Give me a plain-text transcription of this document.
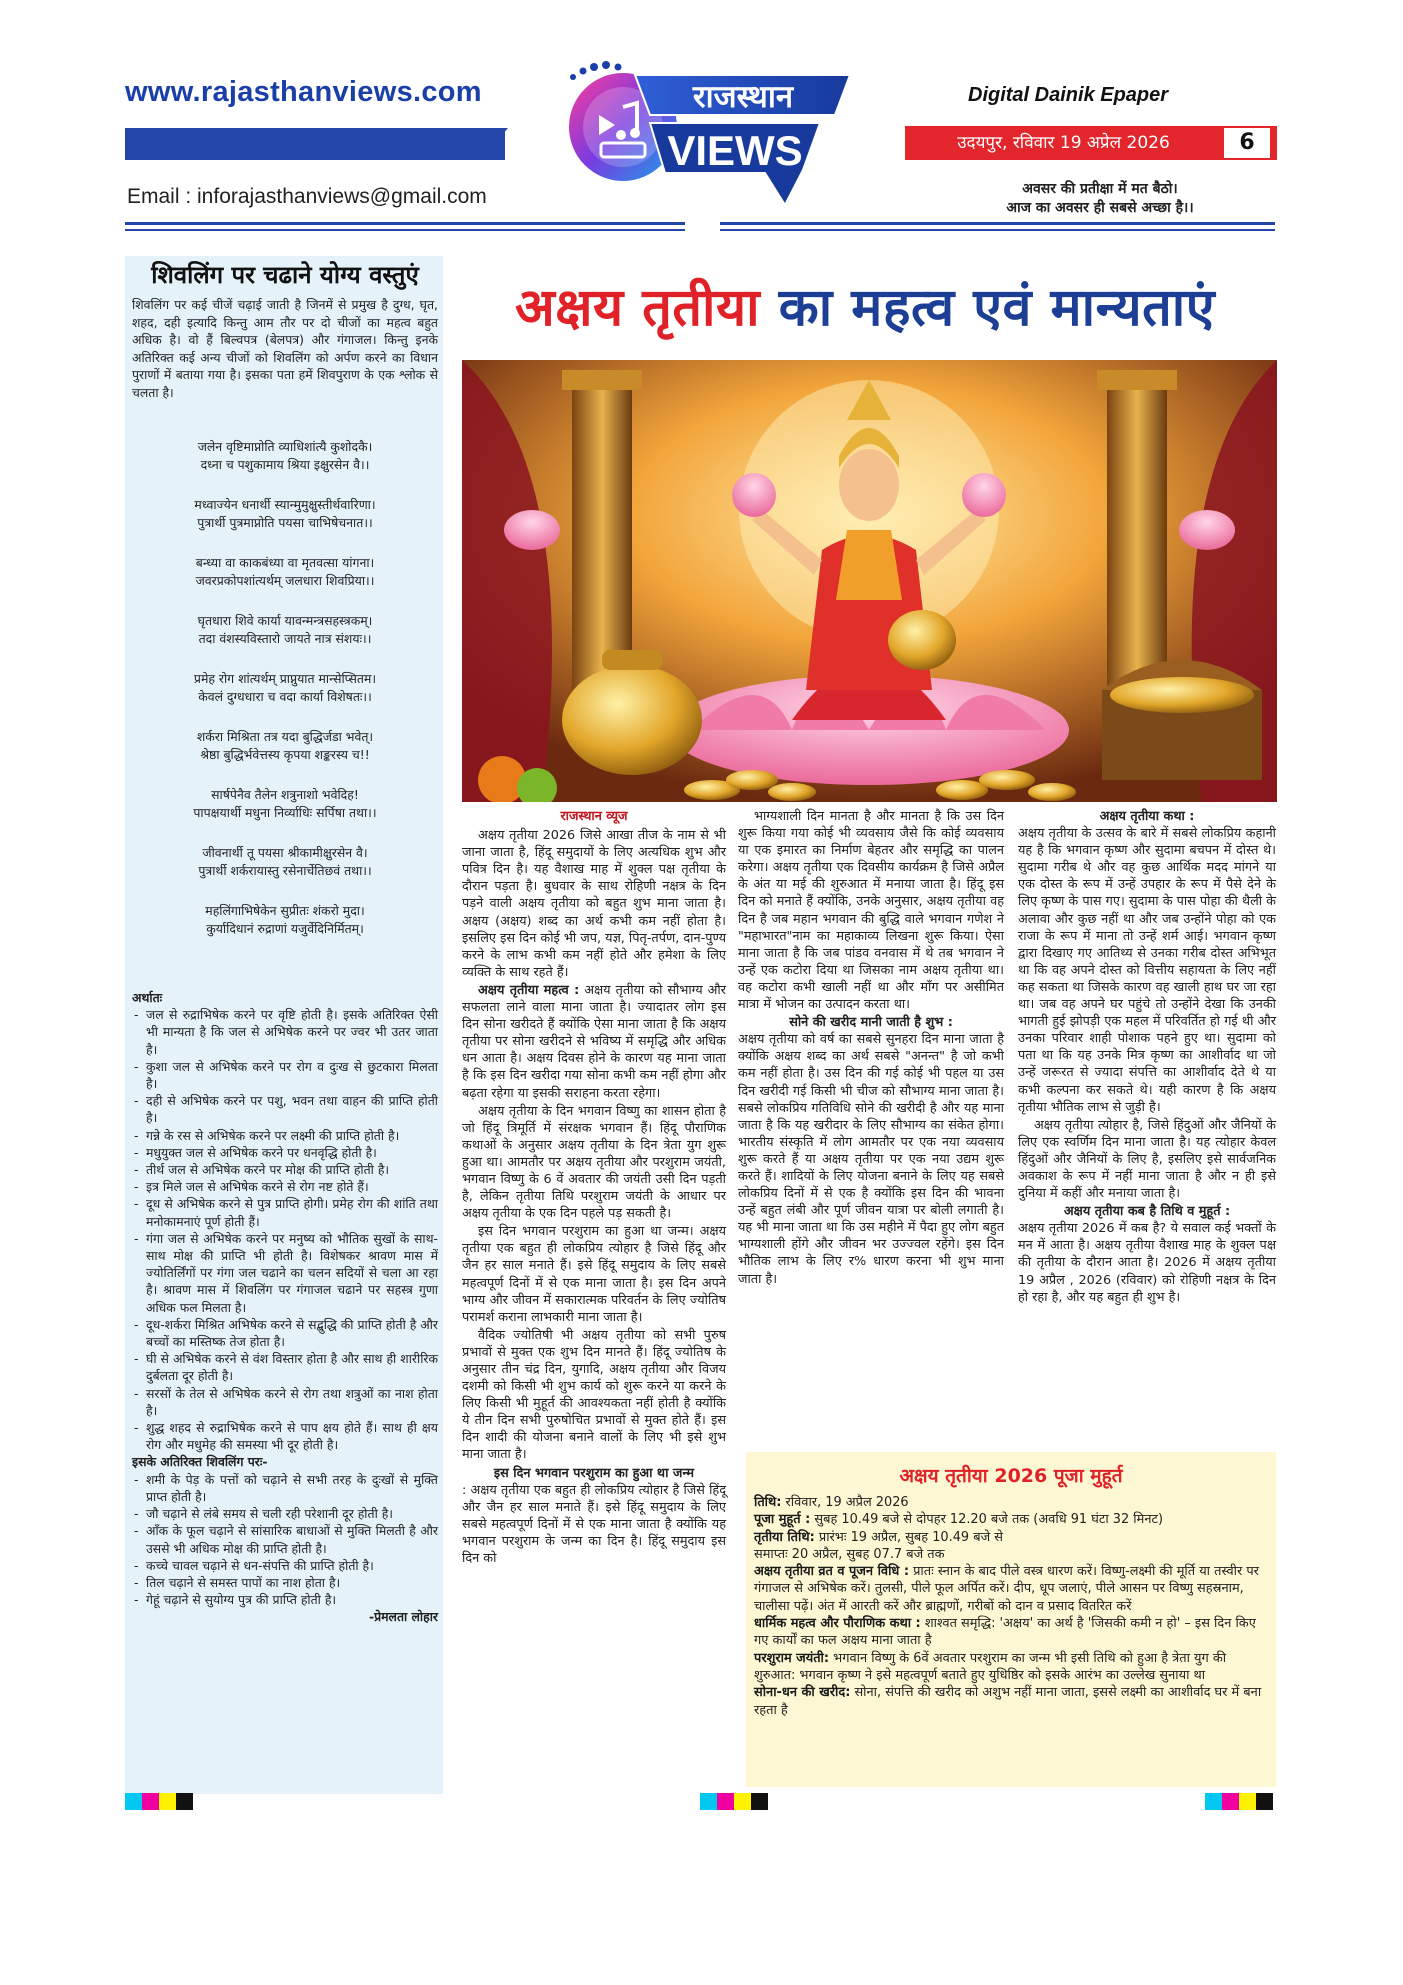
www.rajasthanviews.com
Email : inforajasthanviews@gmail.com
राजस्थान
VIEWS
Digital Dainik Epaper
उदयपुर, रविवार 19 अप्रेल 2026	6
अवसर की प्रतीक्षा में मत बैठो।
आज का अवसर ही सबसे अच्छा है।।
शिवलिंग पर चढाने योग्य वस्तुएं
शिवलिंग पर कई चीजें चढ़ाई जाती है जिनमें से प्रमुख है दुग्ध, घृत, शहद, दही इत्यादि किन्तु आम तौर पर दो चीजों का महत्व बहुत अधिक है। वो हैं बिल्वपत्र (बेलपत्र) और गंगाजल। किन्तु इनके अतिरिक्त कई अन्य चीजों को शिवलिंग को अर्पण करने का विधान पुराणों में बताया गया है। इसका पता हमें शिवपुराण के एक श्लोक से चलता है।
जलेन वृष्टिमाप्नोति व्याधिशांत्यै कुशोदकै।
दध्ना च पशुकामाय श्रिया इक्षुरसेन वै।।
मध्वाज्येन धनार्थी स्यान्मुमुक्षुस्तीर्थवारिणा।
पुत्रार्थी पुत्रमाप्नोति पयसा चाभिषेचनात।।
बन्ध्या वा काकबंध्या वा मृतवत्सा यांगना।
जवरप्रकोपशांत्यर्थम् जलधारा शिवप्रिया।।
घृतधारा शिवे कार्या यावन्मन्त्रसहस्त्रकम्।
तदा वंशस्यविस्तारो जायते नात्र संशयः।।
प्रमेह रोग शांत्यर्थम् प्राप्नुयात मान्सेप्सितम।
केवलं दुग्धधारा च वदा कार्या विशेषतः।।
शर्करा मिश्रिता तत्र यदा बुद्धिर्जडा भवेत्।
श्रेष्ठा बुद्धिर्भवेत्तस्य कृपया शङ्करस्य च!!
सार्षपेनैव तैलेन शत्रुनाशो भवेदिह!
पापक्षयार्थी मधुना निर्व्याधिः सर्पिषा तथा।।
जीवनार्थी तू पयसा श्रीकामीक्षुरसेन वै।
पुत्रार्थी शर्करायास्तु रसेनार्चेतिछवं तथा।।
महलिंगाभिषेकेन सुप्रीतः शंकरो मुदा।
कुर्यादिधानं रुद्राणां यजुर्वेदिनिर्मितम्।
अर्थातः
- जल से रुद्राभिषेक करने पर वृष्टि होती है। इसके अतिरिक्त ऐसी भी मान्यता है कि जल से अभिषेक करने पर ज्वर भी उतर जाता है।
- कुशा जल से अभिषेक करने पर रोग व दुःख से छुटकारा मिलता है।
- दही से अभिषेक करने पर पशु, भवन तथा वाहन की प्राप्ति होती है।
- गन्ने के रस से अभिषेक करने पर लक्ष्मी की प्राप्ति होती है।
- मधुयुक्त जल से अभिषेक करने पर धनवृद्धि होती है।
- तीर्थ जल से अभिषेक करने पर मोक्ष की प्राप्ति होती है।
- इत्र मिले जल से अभिषेक करने से रोग नष्ट होते हैं।
- दूध से अभिषेक करने से पुत्र प्राप्ति होगी। प्रमेह रोग की शांति तथा मनोकामनाएं पूर्ण होती हैं।
- गंगा जल से अभिषेक करने पर मनुष्य को भौतिक सुखों के साथ-साथ मोक्ष की प्राप्ति भी होती है। विशेषकर श्रावण मास में ज्योतिर्लिंगों पर गंगा जल चढाने का चलन सदियों से चला आ रहा है। श्रावण मास में शिवलिंग पर गंगाजल चढाने पर सहस्त्र गुणा अधिक फल मिलता है।
- दूध-शर्करा मिश्रित अभिषेक करने से सद्बुद्धि की प्राप्ति होती है और बच्चों का मस्तिष्क तेज होता है।
- घी से अभिषेक करने से वंश विस्तार होता है और साथ ही शारीरिक दुर्बलता दूर होती है।
- सरसों के तेल से अभिषेक करने से रोग तथा शत्रुओं का नाश होता है।
- शुद्ध शहद से रुद्राभिषेक करने से पाप क्षय होते हैं। साथ ही क्षय रोग और मधुमेह की समस्या भी दूर होती है।
इसके अतिरिक्त शिवलिंग परः-
- शमी के पेड़ के पत्तों को चढ़ाने से सभी तरह के दुःखों से मुक्ति प्राप्त होती है।
- जौ चढ़ाने से लंबे समय से चली रही परेशानी दूर होती है।
- आँक के फूल चढ़ाने से सांसारिक बाधाओं से मुक्ति मिलती है और उससे भी अधिक मोक्ष की प्राप्ति होती है।
- कच्चे चावल चढ़ाने से धन-संपत्ति की प्राप्ति होती है।
- तिल चढ़ाने से समस्त पापों का नाश होता है।
- गेहूं चढ़ाने से सुयोग्य पुत्र की प्राप्ति होती है।
-प्रेमलता लोहार
अक्षय तृतीया का महत्व एवं मान्यताएं
राजस्थान व्यूज

अक्षय तृतीया 2026 जिसे आखा तीज के नाम से भी जाना जाता है, हिंदू समुदायों के लिए अत्यधिक शुभ और पवित्र दिन है। यह वैशाख माह में शुक्ल पक्ष तृतीया के दौरान पड़ता है। बुधवार के साथ रोहिणी नक्षत्र के दिन पड़ने वाली अक्षय तृतीया को बहुत शुभ माना जाता है। अक्षय (अक्षय) शब्द का अर्थ कभी कम नहीं होता है। इसलिए इस दिन कोई भी जप, यज्ञ, पितृ-तर्पण, दान-पुण्य करने के लाभ कभी कम नहीं होते और हमेशा के लिए व्यक्ति के साथ रहते हैं।

अक्षय तृतीया महत्व : अक्षय तृतीया को सौभाग्य और सफलता लाने वाला माना जाता है। ज्यादातर लोग इस दिन सोना खरीदते हैं क्योंकि ऐसा माना जाता है कि अक्षय तृतीया पर सोना खरीदने से भविष्य में समृद्धि और अधिक धन आता है। अक्षय दिवस होने के कारण यह माना जाता है कि इस दिन खरीदा गया सोना कभी कम नहीं होगा और बढ़ता रहेगा या इसकी सराहना करता रहेगा।

अक्षय तृतीया के दिन भगवान विष्णु का शासन होता है जो हिंदू त्रिमूर्ति में संरक्षक भगवान हैं। हिंदू पौराणिक कथाओं के अनुसार अक्षय तृतीया के दिन त्रेता युग शुरू हुआ था। आमतौर पर अक्षय तृतीया और परशुराम जयंती, भगवान विष्णु के 6 वें अवतार की जयंती उसी दिन पड़ती है, लेकिन तृतीया तिथि परशुराम जयंती के आधार पर अक्षय तृतीया के एक दिन पहले पड़ सकती है।

इस दिन भगवान परशुराम का हुआ था जन्म। अक्षय तृतीया एक बहुत ही लोकप्रिय त्योहार है जिसे हिंदू और जैन हर साल मनाते हैं। इसे हिंदू समुदाय के लिए सबसे महत्वपूर्ण दिनों में से एक माना जाता है। इस दिन अपने भाग्य और जीवन में सकारात्मक परिवर्तन के लिए ज्योतिष परामर्श कराना लाभकारी माना जाता है।

वैदिक ज्योतिषी भी अक्षय तृतीया को सभी पुरुष प्रभावों से मुक्त एक शुभ दिन मानते हैं। हिंदू ज्योतिष के अनुसार तीन चंद्र दिन, युगादि, अक्षय तृतीया और विजय दशमी को किसी भी शुभ कार्य को शुरू करने या करने के लिए किसी भी मुहूर्त की आवश्यकता नहीं होती है क्योंकि ये तीन दिन सभी पुरुषोचित प्रभावों से मुक्त होते हैं। इस दिन शादी की योजना बनाने वालों के लिए भी इसे शुभ माना जाता है।

इस दिन भगवान परशुराम का हुआ था जन्म
: अक्षय तृतीया एक बहुत ही लोकप्रिय त्योहार है जिसे हिंदू और जैन हर साल मनाते हैं। इसे हिंदू समुदाय के लिए सबसे महत्वपूर्ण दिनों में से एक माना जाता है क्योंकि यह भगवान परशुराम के जन्म का दिन है। हिंदू समुदाय इस दिन को

भाग्यशाली दिन मानता है और मानता है कि उस दिन शुरू किया गया कोई भी व्यवसाय जैसे कि कोई व्यवसाय या एक इमारत का निर्माण बेहतर और समृद्धि का पालन करेगा। अक्षय तृतीया एक दिवसीय कार्यक्रम है जिसे अप्रैल के अंत या मई की शुरुआत में मनाया जाता है। हिंदू इस दिन को मनाते हैं क्योंकि, उनके अनुसार, अक्षय तृतीया वह दिन है जब महान भगवान की बुद्धि वाले भगवान गणेश ने "महाभारत"नाम का महाकाव्य लिखना शुरू किया। ऐसा माना जाता है कि जब पांडव वनवास में थे तब भगवान ने उन्हें एक कटोरा दिया था जिसका नाम अक्षय तृतीया था। वह कटोरा कभी खाली नहीं था और माँग पर असीमित मात्रा में भोजन का उत्पादन करता था।

सोने की खरीद मानी जाती है शुभ :
अक्षय तृतीया को वर्ष का सबसे सुनहरा दिन माना जाता है क्योंकि अक्षय शब्द का अर्थ सबसे "अनन्त" है जो कभी कम नहीं होता है। उस दिन की गई कोई भी पहल या उस दिन खरीदी गई किसी भी चीज को सौभाग्य माना जाता है। सबसे लोकप्रिय गतिविधि सोने की खरीदी है और यह माना जाता है कि यह खरीदार के लिए सौभाग्य का संकेत होगा। भारतीय संस्कृति में लोग आमतौर पर एक नया व्यवसाय शुरू करते हैं या अक्षय तृतीया पर एक नया उद्यम शुरू करते हैं। शादियों के लिए योजना बनाने के लिए यह सबसे लोकप्रिय दिनों में से एक है क्योंकि इस दिन की भावना उन्हें बहुत लंबी और पूर्ण जीवन यात्रा पर बोली लगाती है। यह भी माना जाता था कि उस महीने में पैदा हुए लोग बहुत भाग्यशाली होंगे और जीवन भर उज्ज्वल रहेंगे। इस दिन भौतिक लाभ के लिए र% धारण करना भी शुभ माना जाता है।

अक्षय तृतीया कथा :
अक्षय तृतीया के उत्सव के बारे में सबसे लोकप्रिय कहानी यह है कि भगवान कृष्ण और सुदामा बचपन में दोस्त थे। सुदामा गरीब थे और वह कुछ आर्थिक मदद मांगने या एक दोस्त के रूप में उन्हें उपहार के रूप में पैसे देने के लिए कृष्ण के पास गए। सुदामा के पास पोहा की थैली के अलावा और कुछ नहीं था और जब उन्होंने पोहा को एक राजा के रूप में माना तो उन्हें शर्म आई। भगवान कृष्ण द्वारा दिखाए गए आतिथ्य से उनका गरीब दोस्त अभिभूत था कि वह अपने दोस्त को वित्तीय सहायता के लिए नहीं कह सकता था जिसके कारण वह खाली हाथ घर जा रहा था। जब वह अपने घर पहुंचे तो उन्होंने देखा कि उनकी भागती हुई झोपड़ी एक महल में परिवर्तित हो गई थी और उनका परिवार शाही पोशाक पहने हुए था। सुदामा को पता था कि यह उनके मित्र कृष्ण का आशीर्वाद था जो उन्हें जरूरत से ज्यादा संपत्ति का आशीर्वाद देते थे या कभी कल्पना कर सकते थे। यही कारण है कि अक्षय तृतीया भौतिक लाभ से जुड़ी है।

अक्षय तृतीया त्योहार है, जिसे हिंदुओं और जैनियों के लिए एक स्वर्णिम दिन माना जाता है। यह त्योहार केवल हिंदुओं और जैनियों के लिए है, इसलिए इसे सार्वजनिक अवकाश के रूप में नहीं माना जाता है और न ही इसे दुनिया में कहीं और मनाया जाता है।

अक्षय तृतीया कब है तिथि व मुहूर्त :
अक्षय तृतीया 2026 में कब है? ये सवाल कई भक्तों के मन में आता है। अक्षय तृतीया वैशाख माह के शुक्ल पक्ष की तृतीया के दौरान आता है। 2026 में अक्षय तृतीया 19 अप्रैल , 2026 (रविवार) को रोहिणी नक्षत्र के दिन हो रहा है, और यह बहुत ही शुभ है।

अक्षय तृतीया 2026 पूजा मुहूर्त
तिथि: रविवार, 19 अप्रैल 2026
पूजा मुहूर्त : सुबह 10.49 बजे से दोपहर 12.20 बजे तक (अवधि 91 घंटा 32 मिनट)
तृतीया तिथि: प्रारंभः 19 अप्रैल, सुबह 10.49 बजे से
समाप्तः 20 अप्रैल, सुबह 07.7 बजे तक
अक्षय तृतीया व्रत व पूजन विधि : प्रातः स्नान के बाद पीले वस्त्र धारण करें। विष्णु-लक्ष्मी की मूर्ति या तस्वीर पर गंगाजल से अभिषेक करें। तुलसी, पीले फूल अर्पित करें। दीप, धूप जलाएं, पीले आसन पर विष्णु सहस्रनाम, चालीसा पढ़ें। अंत में आरती करें और ब्राह्मणों, गरीबों को दान व प्रसाद वितरित करें
धार्मिक महत्व और पौराणिक कथा : शाश्वत समृद्धि: 'अक्षय' का अर्थ है 'जिसकी कमी न हो' – इस दिन किए गए कार्यों का फल अक्षय माना जाता है
परशुराम जयंती: भगवान विष्णु के 6वें अवतार परशुराम का जन्म भी इसी तिथि को हुआ है त्रेता युग की शुरुआत: भगवान कृष्ण ने इसे महत्वपूर्ण बताते हुए युधिष्ठिर को इसके आरंभ का उल्लेख सुनाया था
सोना-धन की खरीद: सोना, संपत्ति की खरीद को अशुभ नहीं माना जाता, इससे लक्ष्मी का आशीर्वाद घर में बना रहता है
